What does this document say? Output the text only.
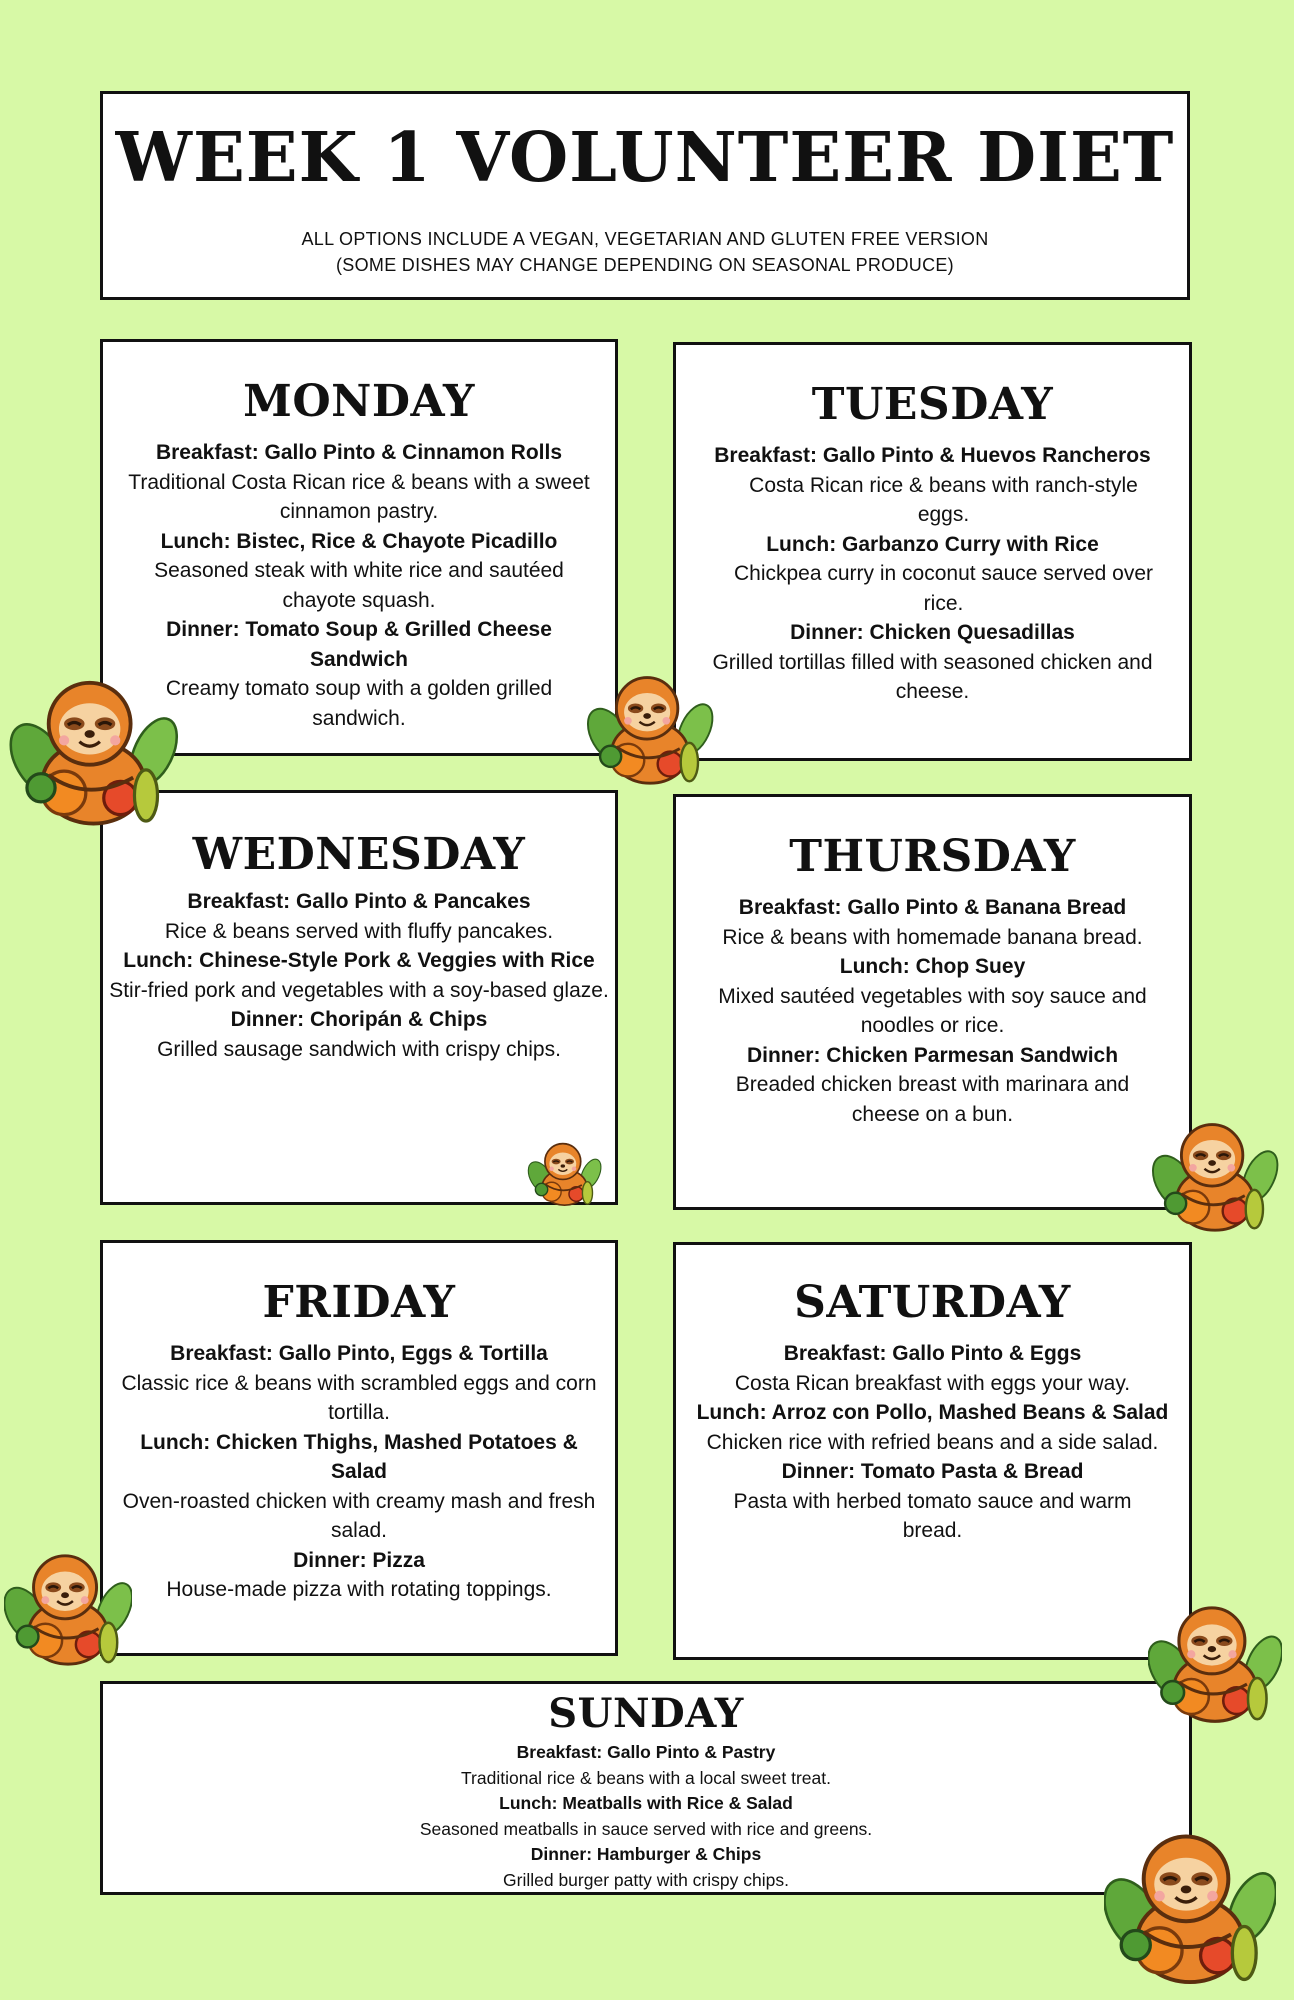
WEEK 1 VOLUNTEER DIET
ALL OPTIONS INCLUDE A VEGAN, VEGETARIAN AND GLUTEN FREE VERSION
(SOME DISHES MAY CHANGE DEPENDING ON SEASONAL PRODUCE)
MONDAY

Breakfast: Gallo Pinto & Cinnamon Rolls

Traditional Costa Rican rice & beans with a sweet cinnamon pastry.

Lunch: Bistec, Rice & Chayote Picadillo

Seasoned steak with white rice and sautéed chayote squash.

Dinner: Tomato Soup & Grilled Cheese Sandwich

Creamy tomato soup with a golden grilled sandwich.

TUESDAY

Breakfast: Gallo Pinto & Huevos Rancheros

Costa Rican rice & beans with ranch-style eggs.

Lunch: Garbanzo Curry with Rice

Chickpea curry in coconut sauce served over rice.

Dinner: Chicken Quesadillas

Grilled tortillas filled with seasoned chicken and cheese.

WEDNESDAY

Breakfast: Gallo Pinto & Pancakes

Rice & beans served with fluffy pancakes.

Lunch: Chinese-Style Pork & Veggies with Rice

Stir-fried pork and vegetables with a soy-based glaze.

Dinner: Choripán & Chips

Grilled sausage sandwich with crispy chips.

THURSDAY

Breakfast: Gallo Pinto & Banana Bread

Rice & beans with homemade banana bread.

Lunch: Chop Suey

Mixed sautéed vegetables with soy sauce and noodles or rice.

Dinner: Chicken Parmesan Sandwich

Breaded chicken breast with marinara and cheese on a bun.

FRIDAY

Breakfast: Gallo Pinto, Eggs & Tortilla

Classic rice & beans with scrambled eggs and corn tortilla.

Lunch: Chicken Thighs, Mashed Potatoes & Salad

Oven-roasted chicken with creamy mash and fresh salad.

Dinner: Pizza

House-made pizza with rotating toppings.

SATURDAY

Breakfast: Gallo Pinto & Eggs

Costa Rican breakfast with eggs your way.

Lunch: Arroz con Pollo, Mashed Beans & Salad

Chicken rice with refried beans and a side salad.

Dinner: Tomato Pasta & Bread

Pasta with herbed tomato sauce and warm bread.

SUNDAY

Breakfast: Gallo Pinto & Pastry

Traditional rice & beans with a local sweet treat.

Lunch: Meatballs with Rice & Salad

Seasoned meatballs in sauce served with rice and greens.

Dinner: Hamburger & Chips

Grilled burger patty with crispy chips.
